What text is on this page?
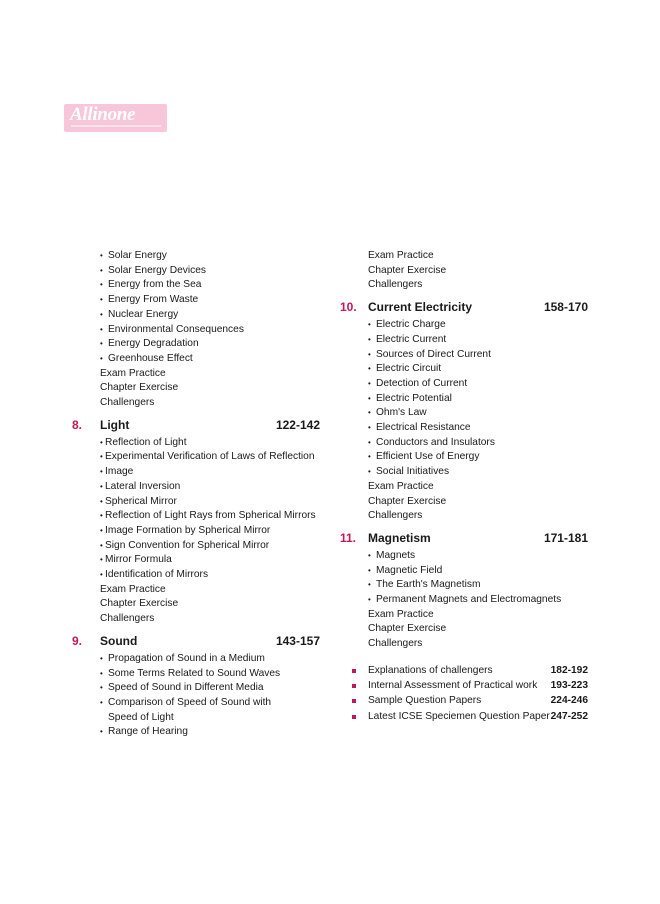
Allinone
• Solar Energy
• Solar Energy Devices
• Energy from the Sea
• Energy From Waste
• Nuclear Energy
• Environmental Consequences
• Energy Degradation
• Greenhouse Effect
Exam Practice
Chapter Exercise
Challengers
8.	Light	122-142
• Reflection of Light
• Experimental Verification of Laws of Reflection
• Image
• Lateral Inversion
• Spherical Mirror
• Reflection of Light Rays from Spherical Mirrors
• Image Formation by Spherical Mirror
• Sign Convention for Spherical Mirror
• Mirror Formula
• Identification of Mirrors
Exam Practice
Chapter Exercise
Challengers
9.	Sound	143-157
• Propagation of Sound in a Medium
• Some Terms Related to Sound Waves
• Speed of Sound in Different Media
• Comparison of Speed of Sound with Speed of Light
• Range of Hearing
Exam Practice
Chapter Exercise
Challengers
10. Current Electricity	158-170
• Electric Charge
• Electric Current
• Sources of Direct Current
• Electric Circuit
• Detection of Current
• Electric Potential
• Ohm's Law
• Electrical Resistance
• Conductors and Insulators
• Efficient Use of Energy
• Social Initiatives
Exam Practice
Chapter Exercise
Challengers
11. Magnetism	171-181
• Magnets
• Magnetic Field
• The Earth's Magnetism
• Permanent Magnets and Electromagnets
Exam Practice
Chapter Exercise
Challengers
Explanations of challengers	182-192
Internal Assessment of Practical work	193-223
Sample Question Papers	224-246
Latest ICSE Speciemen Question Paper 247-252
